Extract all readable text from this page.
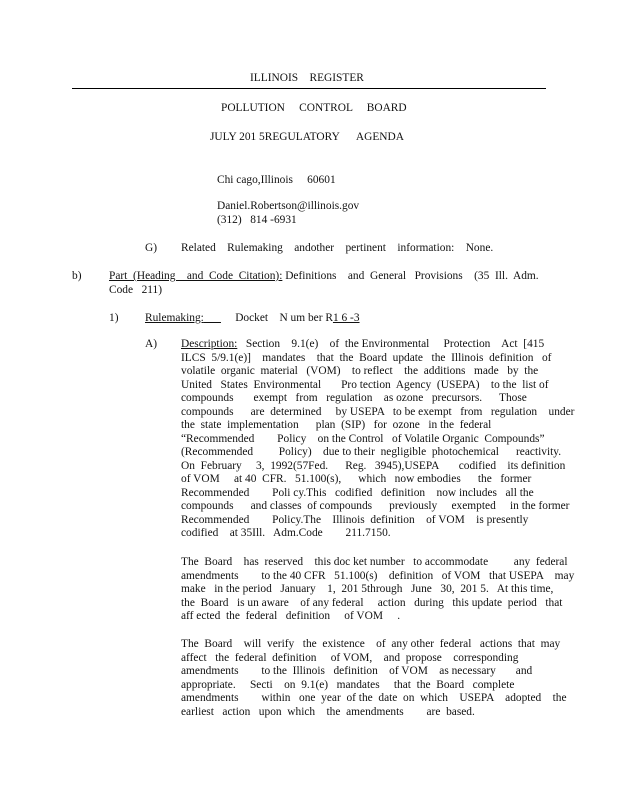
ILLINOIS    REGISTER
POLLUTION     CONTROL     BOARD
JULY 201 5REGULATORY      AGENDA
Chi cago,Illinois     60601
Daniel.Robertson@illinois.gov
(312)   814 -6931
G) Related    Rulemaking    andother    pertinent    information:    None.
b) Part  (Heading    and  Code  Citation): Definitions    and  General   Provisions    (35  Ill.  Adm.
Code   211)
1) Rulemaking:           Docket    N um ber R1 6 -3
A) Description:   Section    9.1(e)    of  the Environmental     Protection    Act  [415
ILCS  5/9.1(e)]    mandates    that  the  Board  update   the  Illinois  definition   of
volatile  organic  material   (VOM)    to reflect    the  additions   made   by  the
United   States  Environmental       Pro tection  Agency  (USEPA)    to the  list of
compounds       exempt   from   regulation    as ozone   precursors.      Those
compounds      are  determined     by USEPA   to be exempt   from   regulation    under
the  state  implementation      plan  (SIP)   for  ozone   in the  federal
“Recommended        Policy    on the Control   of Volatile Organic  Compounds”
(Recommended         Policy)    due to their  negligible  photochemical      reactivity.
On  February     3,  1992(57Fed.      Reg.   3945),USEPA       codified    its definition
of VOM     at 40  CFR.   51.100(s),      which   now embodies      the   former
Recommended        Poli cy.This   codified   definition    now includes   all the
compounds      and classes  of compounds      previously     exempted     in the former
Recommended        Policy.The    Illinois  definition    of VOM    is presently
codified    at 35Ill.   Adm.Code        211.7150.
The  Board    has  reserved    this doc ket number   to accommodate         any  federal
amendments        to the 40 CFR   51.100(s)    definition   of VOM   that USEPA    may
make   in the period   January    1,  201 5through   June   30,  201 5.   At this time,
the  Board   is un aware    of any federal     action   during   this update  period   that
aff ected  the  federal   definition     of VOM     .
The  Board    will  verify   the  existence    of  any other  federal   actions  that  may
affect   the  federal  definition     of VOM,    and  propose    corresponding
amendments        to the  Illinois   definition    of VOM    as necessary       and
appropriate.     Secti    on  9.1(e)   mandates     that  the  Board   complete
amendments        within   one  year  of the  date  on  which    USEPA    adopted    the
earliest   action   upon  which    the  amendments        are  based.
